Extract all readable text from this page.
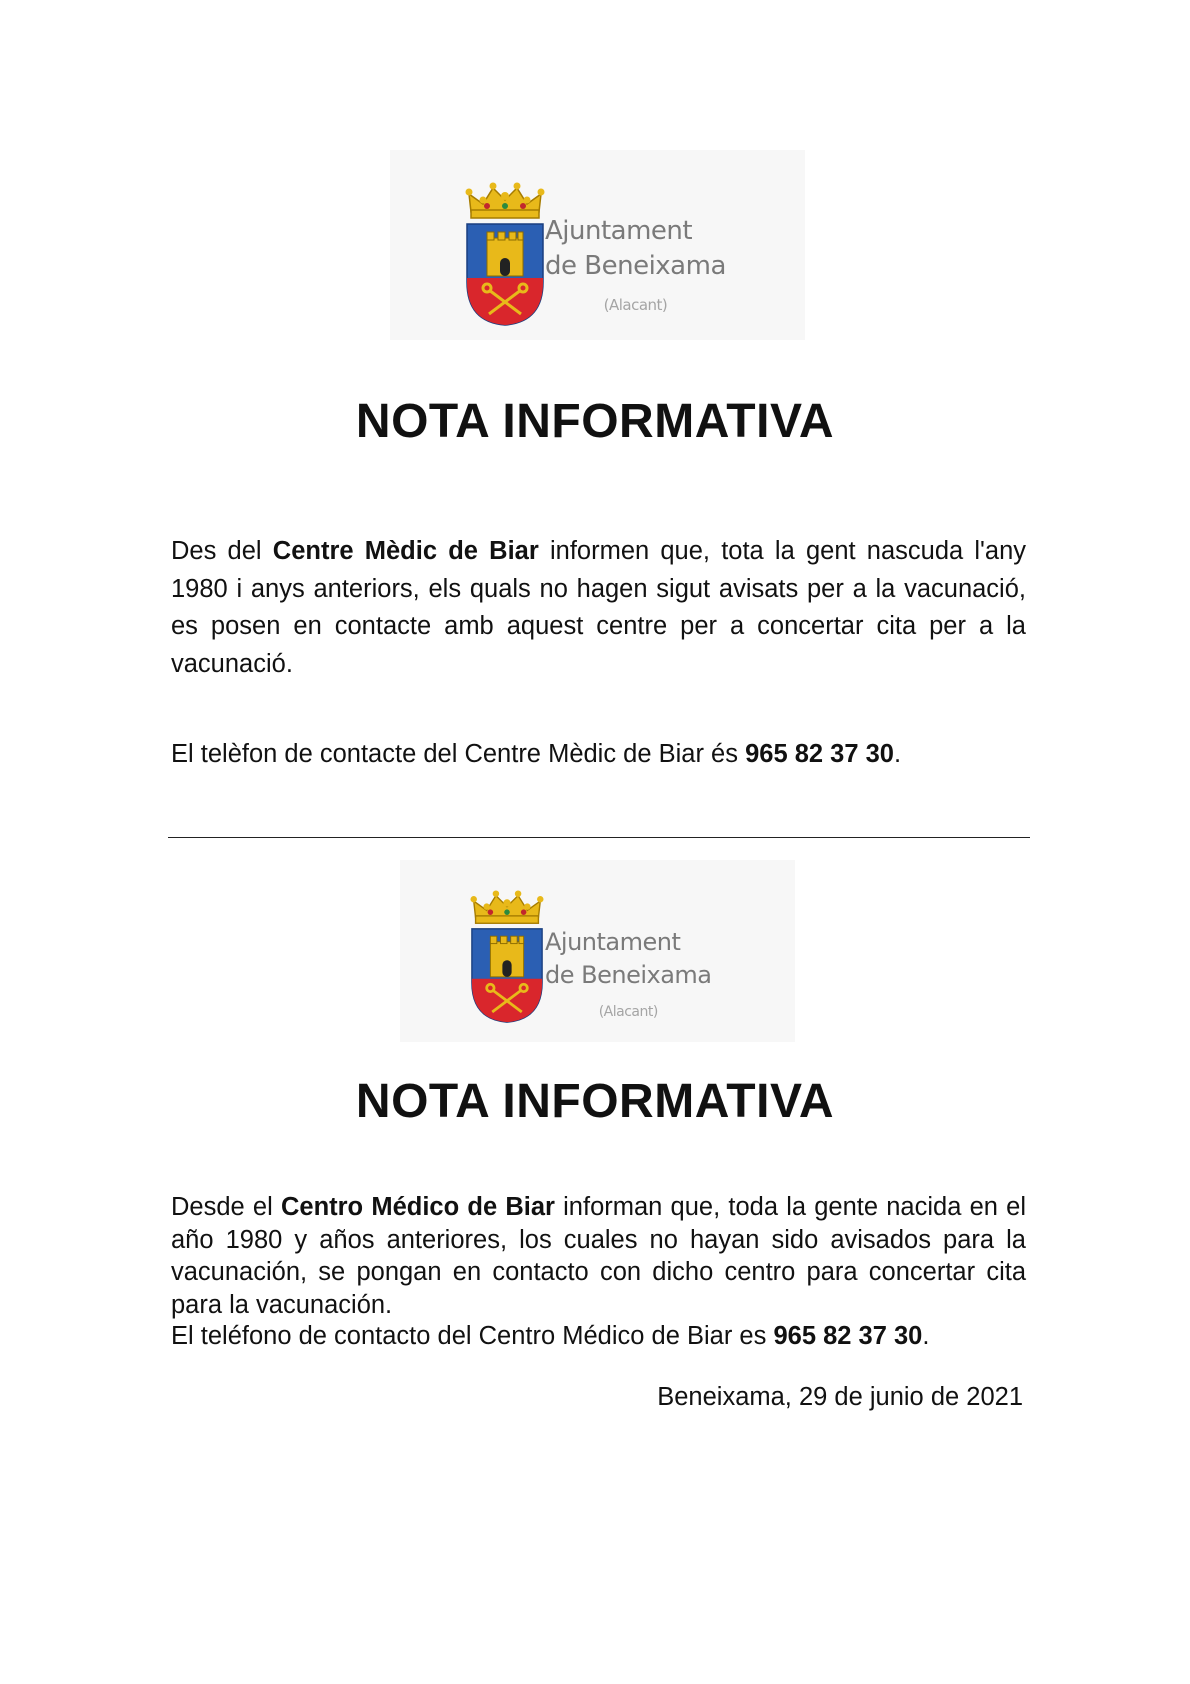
Ajuntament
de Beneixama
(Alacant)
NOTA INFORMATIVA
Des del Centre Mèdic de Biar informen que, tota la gent nascuda l'any 1980 i anys anteriors, els quals no hagen sigut avisats per a la vacunació, es posen en contacte amb aquest centre per a concertar cita per a la vacunació.
El telèfon de contacte del Centre Mèdic de Biar és 965 82 37 30.
Ajuntament
de Beneixama
(Alacant)
NOTA INFORMATIVA
Desde el Centro Médico de Biar informan que, toda la gente nacida en el año 1980 y años anteriores, los cuales no hayan sido avisados para la vacunación, se pongan en contacto con dicho centro para concertar cita para la vacunación.
El teléfono de contacto del Centro Médico de Biar es 965 82 37 30.
Beneixama, 29 de junio de 2021
